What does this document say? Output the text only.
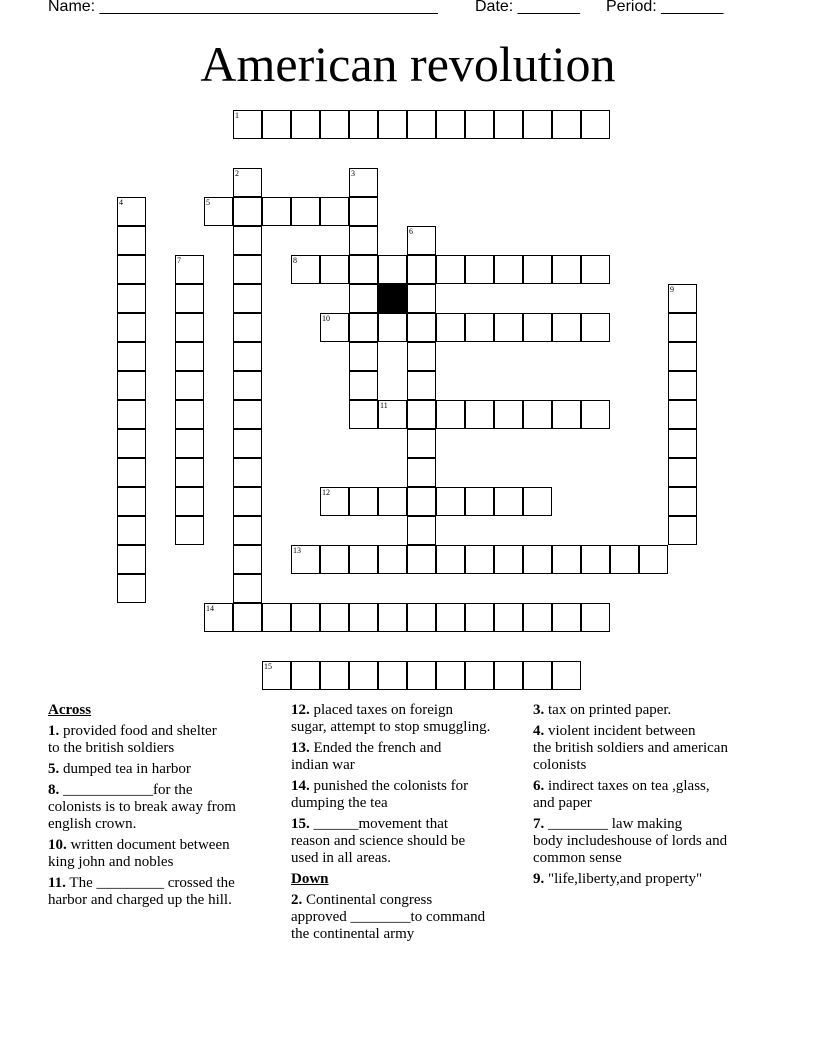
Name: ______________________________________ Date: _______ Period: _______
American revolution
1
2	3
4	5
6
7	8
9
10
11
12
13
14
15
Across
1. provided food and shelter
to the british soldiers
5. dumped tea in harbor
8. ____________for the
colonists is to break away from
english crown.
10. written document between
king john and nobles
11. The _________ crossed the
harbor and charged up the hill.
12. placed taxes on foreign
sugar, attempt to stop smuggling.
13. Ended the french and
indian war
14. punished the colonists for
dumping the tea
15. ______movement that
reason and science should be
used in all areas.
Down
2. Continental congress
approved ________to command
the continental army
3. tax on printed paper.
4. violent incident between
the british soldiers and american
colonists
6. indirect taxes on tea ,glass,
and paper
7. ________ law making
body includeshouse of lords and
common sense
9. "life,liberty,and property"
